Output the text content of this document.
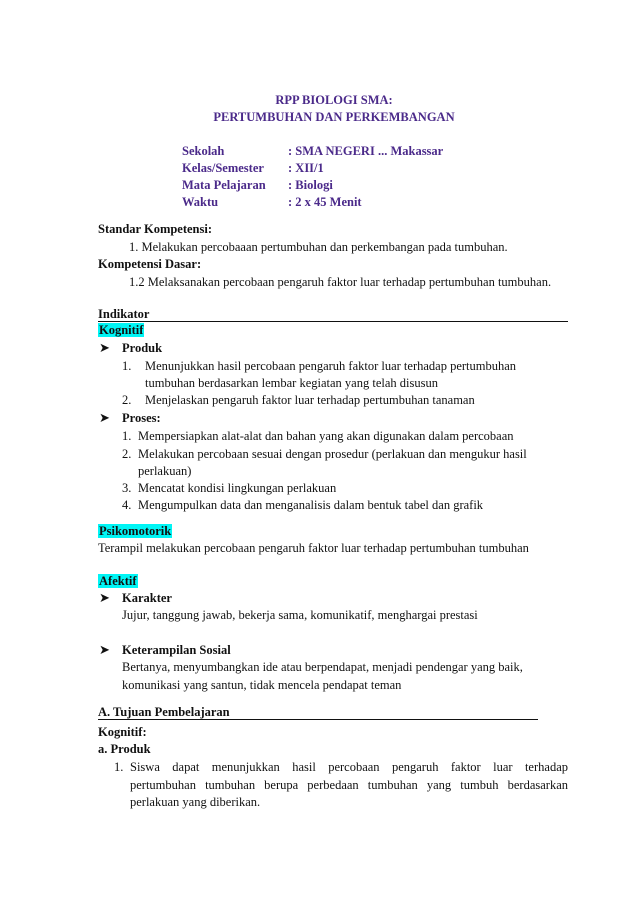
RPP BIOLOGI SMA:
PERTUMBUHAN DAN PERKEMBANGAN
Sekolah	: SMA NEGERI ... Makassar
Kelas/Semester : XII/1
Mata Pelajaran : Biologi
Waktu	: 2 x 45 Menit
Standar Kompetensi:
1. Melakukan percobaaan pertumbuhan dan perkembangan pada tumbuhan.
Kompetensi Dasar:
1.2 Melaksanakan percobaan pengaruh faktor luar terhadap pertumbuhan tumbuhan.
Indikator
Kognitif
➤ Produk
1. Menunjukkan hasil percobaan pengaruh faktor luar terhadap pertumbuhan
tumbuhan berdasarkan lembar kegiatan yang telah disusun
2. Menjelaskan pengaruh faktor luar terhadap pertumbuhan tanaman
➤ Proses:
1. Mempersiapkan alat-alat dan bahan yang akan digunakan dalam percobaan
2. Melakukan percobaan sesuai dengan prosedur (perlakuan dan mengukur hasil
perlakuan)
3. Mencatat kondisi lingkungan perlakuan
4. Mengumpulkan data dan menganalisis dalam bentuk tabel dan grafik
Psikomotorik
Terampil melakukan percobaan pengaruh faktor luar terhadap pertumbuhan tumbuhan
Afektif
➤ Karakter
Jujur, tanggung jawab, bekerja sama, komunikatif, menghargai prestasi
➤ Keterampilan Sosial
Bertanya, menyumbangkan ide atau berpendapat, menjadi pendengar yang baik,
komunikasi yang santun, tidak mencela pendapat teman
A. Tujuan Pembelajaran
Kognitif:
a. Produk
1. Siswa dapat menunjukkan hasil percobaan pengaruh faktor luar terhadap
pertumbuhan tumbuhan berupa perbedaan tumbuhan yang tumbuh berdasarkan
perlakuan yang diberikan.
